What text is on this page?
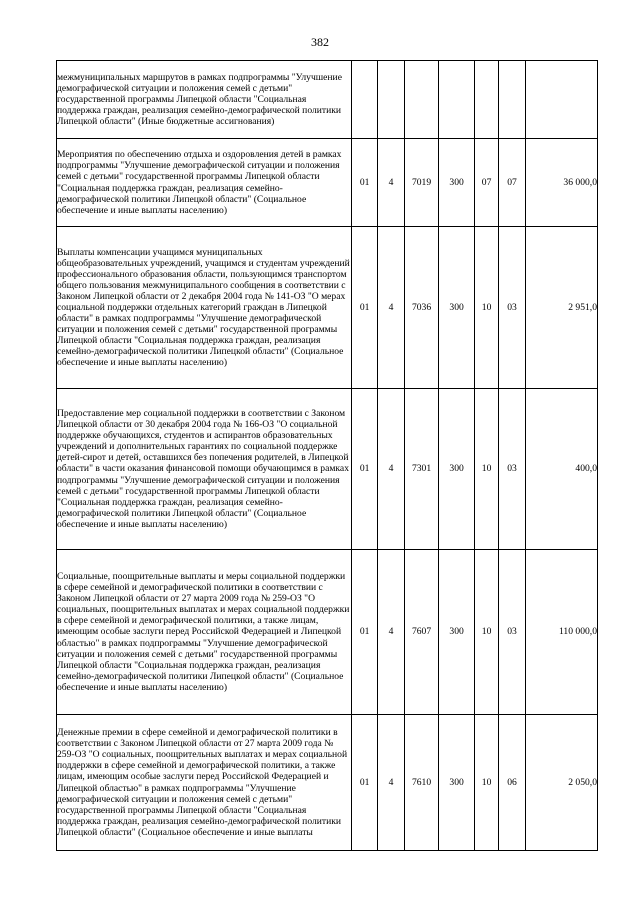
382
межмуниципальных маршрутов в рамках подпрограммы "Улучшение демографической ситуации и положения семей с детьми" государственной программы Липецкой области "Социальная поддержка граждан, реализация семейно-демографической политики Липецкой области" (Иные бюджетные ассигнования)							
Мероприятия по обеспечению отдыха и оздоровления детей в рамках подпрограммы "Улучшение демографической ситуации и положения семей с детьми" государственной программы Липецкой области "Социальная поддержка граждан, реализация семейно-демографической политики Липецкой области" (Социальное обеспечение и иные выплаты населению)	01	4	7019	300	07	07	36 000,0
Выплаты компенсации учащимся муниципальных общеобразовательных учреждений, учащимся и студентам учреждений профессионального образования области, пользующимся транспортом общего пользования межмуниципального сообщения в соответствии с Законом Липецкой области от 2 декабря 2004 года № 141-ОЗ "О мерах социальной поддержки отдельных категорий граждан в Липецкой области" в рамках подпрограммы "Улучшение демографической ситуации и положения семей с детьми" государственной программы Липецкой области "Социальная поддержка граждан, реализация семейно-демографической политики Липецкой области" (Социальное обеспечение и иные выплаты населению)	01	4	7036	300	10	03	2 951,0
Предоставление мер социальной поддержки в соответствии с Законом Липецкой области от 30 декабря 2004 года № 166-ОЗ "О социальной поддержке обучающихся, студентов и аспирантов образовательных учреждений и дополнительных гарантиях по социальной поддержке детей-сирот и детей, оставшихся без попечения родителей, в Липецкой области" в части оказания финансовой помощи обучающимся в рамках подпрограммы "Улучшение демографической ситуации и положения семей с детьми" государственной программы Липецкой области "Социальная поддержка граждан, реализация семейно-демографической политики Липецкой области" (Социальное обеспечение и иные выплаты населению)	01	4	7301	300	10	03	400,0
Социальные, поощрительные выплаты и меры социальной поддержки в сфере семейной и демографической политики в соответствии с Законом Липецкой области от 27 марта 2009 года № 259-ОЗ "О социальных, поощрительных выплатах и мерах социальной поддержки в сфере семейной и демографической политики, а также лицам, имеющим особые заслуги перед Российской Федерацией и Липецкой областью" в рамках подпрограммы "Улучшение демографической ситуации и положения семей с детьми" государственной программы Липецкой области "Социальная поддержка граждан, реализация семейно-демографической политики Липецкой области" (Социальное обеспечение и иные выплаты населению)	01	4	7607	300	10	03	110 000,0
Денежные премии в сфере семейной и демографической политики в соответствии с Законом Липецкой области от 27 марта 2009 года № 259-ОЗ "О социальных, поощрительных выплатах и мерах социальной поддержки в сфере семейной и демографической политики, а также лицам, имеющим особые заслуги перед Российской Федерацией и Липецкой областью" в рамках подпрограммы "Улучшение демографической ситуации и положения семей с детьми" государственной программы Липецкой области "Социальная поддержка граждан, реализация семейно-демографической политики Липецкой области" (Социальное обеспечение и иные выплаты	01	4	7610	300	10	06	2 050,0
